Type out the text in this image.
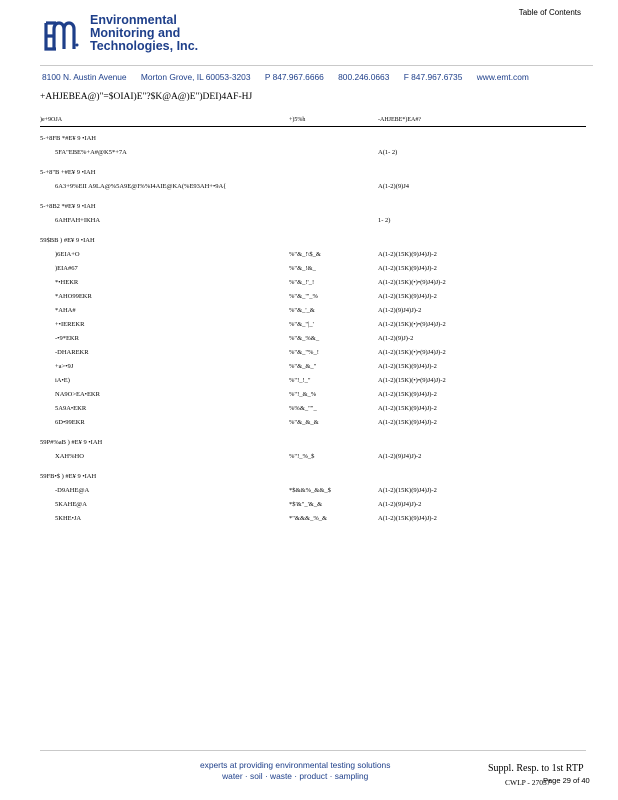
Table of Contents
Environmental
Monitoring and
Technologies, Inc.
8100 N. Austin Avenue Morton Grove, IL 60053-3203 P 847.967.6666 800.246.0663 F 847.967.6735 www.emt.com
+AHJEBEA@)"=$OIAI)E"?$K@A@)E")DEI)4AF-HJ
)e+9OJA	+)5%h	-AHJEBE*)EA#?
5-+8FB *#E¥ 9 •IAH
5FA"EBE%+A#@K5*+7A	A(1- 2)
5-+8"B +#E¥ 9 •IAH
6A3+9%EII A9LA@%5A9E@I%%I4AIE@KA(%E93AH+•9A{	A(1-2)(9)J4
5-+8B2 *#E¥ 9 •IAH
6AHFAH+IKHA	1- 2)
59$BB ) #E¥ 9 •IAH
)6EIA+O	%"&_!\$_&	A(1-2)(15K)(9)J4)J)-2
)EIA#67	%"&_!&_	A(1-2)(15K)(9)J4)J)-2
*•HEKR	%"&_!'_!	A(1-2)(15K)(•)•(9)J4)J)-2
*AHO99EKR	%"&_"'_%	A(1-2)(15K)(9)J4)J)-2
*AHA#	%"&_'_&	A(1-2)(9)J4)J)-2
+•IEREKR	%"&_"|_'	A(1-2)(15K)(•)•(9)J4)J)-2
-•9*EKR	%"&_%&_	A(1-2)(9)J)-2
-DHAREKR	%"&_"%_!	A(1-2)(15K)(•)•(9)J4)J)-2
+a>•9J	%"&_&_"	A(1-2)(15K)(9)J4)J)-2
iA•E)	%"!_!_"	A(1-2)(15K)(•)•(9)J4)J)-2
NA9O>EA•EKR	%"!_&_%	A(1-2)(15K)(9)J4)J)-2
5A9A•EKR	%%&_""_	A(1-2)(15K)(9)J4)J)-2
6D•99EKR	%"&_&_&	A(1-2)(15K)(9)J4)J)-2
59P#%aB ) #E¥ 9 •IAH
XAH%HO	%"!_%_$	A(1-2)(9)J4)J)-2
59FB•$ ) #E¥ 9 •IAH
-D9AHE@A	*$&&%_&&_$	A(1-2)(15K)(9)J4)J)-2
5KAHE@A	*$'&"_'&_&	A(1-2)(9)J4)J)-2
5KHE•JA	*"&&&_%_&	A(1-2)(15K)(9)J4)J)-2
experts at providing environmental testing solutions
water · soil · waste · product · sampling
Suppl. Resp. to 1st RTP
CWLP - 27037
Page 29 of 40
